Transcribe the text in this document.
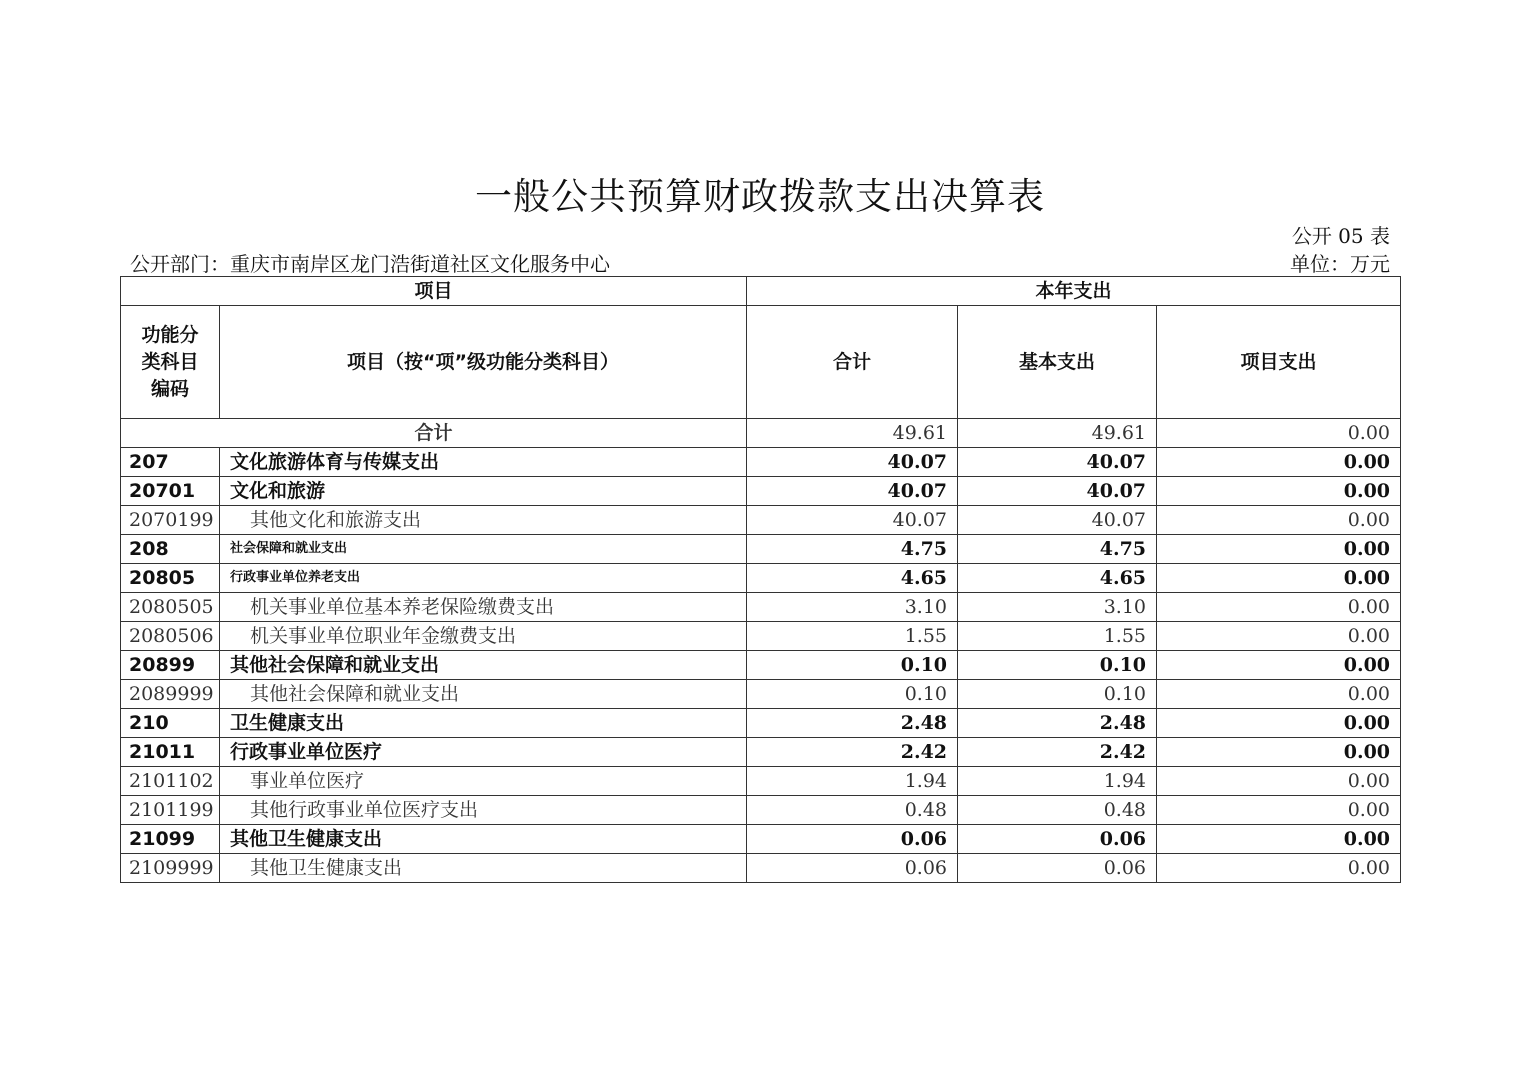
一般公共预算财政拨款支出决算表
公开 05 表
公开部门：重庆市南岸区龙门浩街道社区文化服务中心	单位：万元
项目		本年支出		
功能分类科目编码	项目（按“项”级功能分类科目）	合计	基本支出	项目支出
合计		49.61	49.61	0.00
207	文化旅游体育与传媒支出	40.07	40.07	0.00
20701	文化和旅游	40.07	40.07	0.00
2070199	其他文化和旅游支出	40.07	40.07	0.00
208	社会保障和就业支出	4.75	4.75	0.00
20805	行政事业单位养老支出	4.65	4.65	0.00
2080505	机关事业单位基本养老保险缴费支出	3.10	3.10	0.00
2080506	机关事业单位职业年金缴费支出	1.55	1.55	0.00
20899	其他社会保障和就业支出	0.10	0.10	0.00
2089999	其他社会保障和就业支出	0.10	0.10	0.00
210	卫生健康支出	2.48	2.48	0.00
21011	行政事业单位医疗	2.42	2.42	0.00
2101102	事业单位医疗	1.94	1.94	0.00
2101199	其他行政事业单位医疗支出	0.48	0.48	0.00
21099	其他卫生健康支出	0.06	0.06	0.00
2109999	其他卫生健康支出	0.06	0.06	0.00
